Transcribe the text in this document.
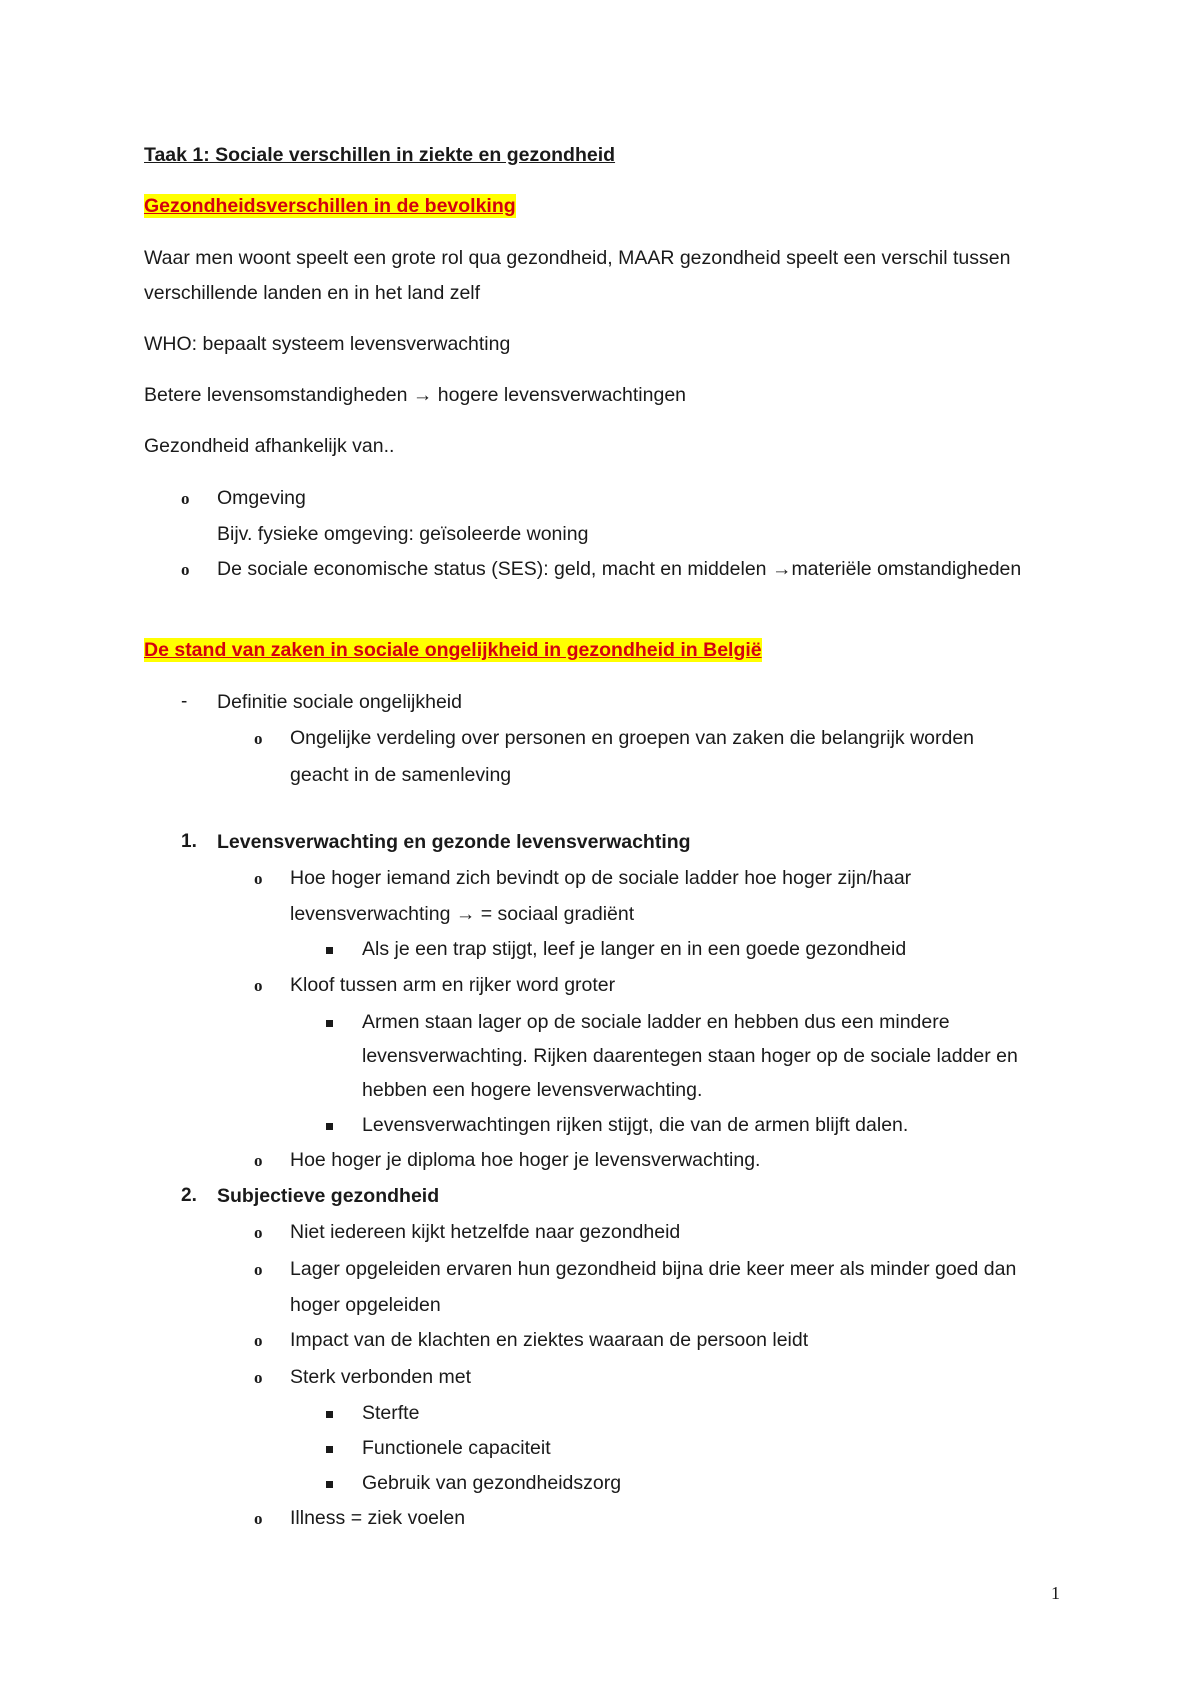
Taak 1: Sociale verschillen in ziekte en gezondheid
Gezondheidsverschillen in de bevolking
Waar men woont speelt een grote rol qua gezondheid, MAAR gezondheid speelt een verschil tussen
verschillende landen en in het land zelf
WHO: bepaalt systeem levensverwachting
Betere levensomstandigheden → hogere levensverwachtingen
Gezondheid afhankelijk van..
o Omgeving
Bijv. fysieke omgeving: geïsoleerde woning
o De sociale economische status (SES): geld, macht en middelen →materiële omstandigheden
De stand van zaken in sociale ongelijkheid in gezondheid in België
- Definitie sociale ongelijkheid
o Ongelijke verdeling over personen en groepen van zaken die belangrijk worden
geacht in de samenleving
1. Levensverwachting en gezonde levensverwachting
o Hoe hoger iemand zich bevindt op de sociale ladder hoe hoger zijn/haar
levensverwachting → = sociaal gradiënt
Als je een trap stijgt, leef je langer en in een goede gezondheid
o Kloof tussen arm en rijker word groter
Armen staan lager op de sociale ladder en hebben dus een mindere
levensverwachting. Rijken daarentegen staan hoger op de sociale ladder en
hebben een hogere levensverwachting.
Levensverwachtingen rijken stijgt, die van de armen blijft dalen.
o Hoe hoger je diploma hoe hoger je levensverwachting.
2. Subjectieve gezondheid
o Niet iedereen kijkt hetzelfde naar gezondheid
o Lager opgeleiden ervaren hun gezondheid bijna drie keer meer als minder goed dan
hoger opgeleiden
o Impact van de klachten en ziektes waaraan de persoon leidt
o Sterk verbonden met
Sterfte
Functionele capaciteit
Gebruik van gezondheidszorg
o Illness = ziek voelen
1
